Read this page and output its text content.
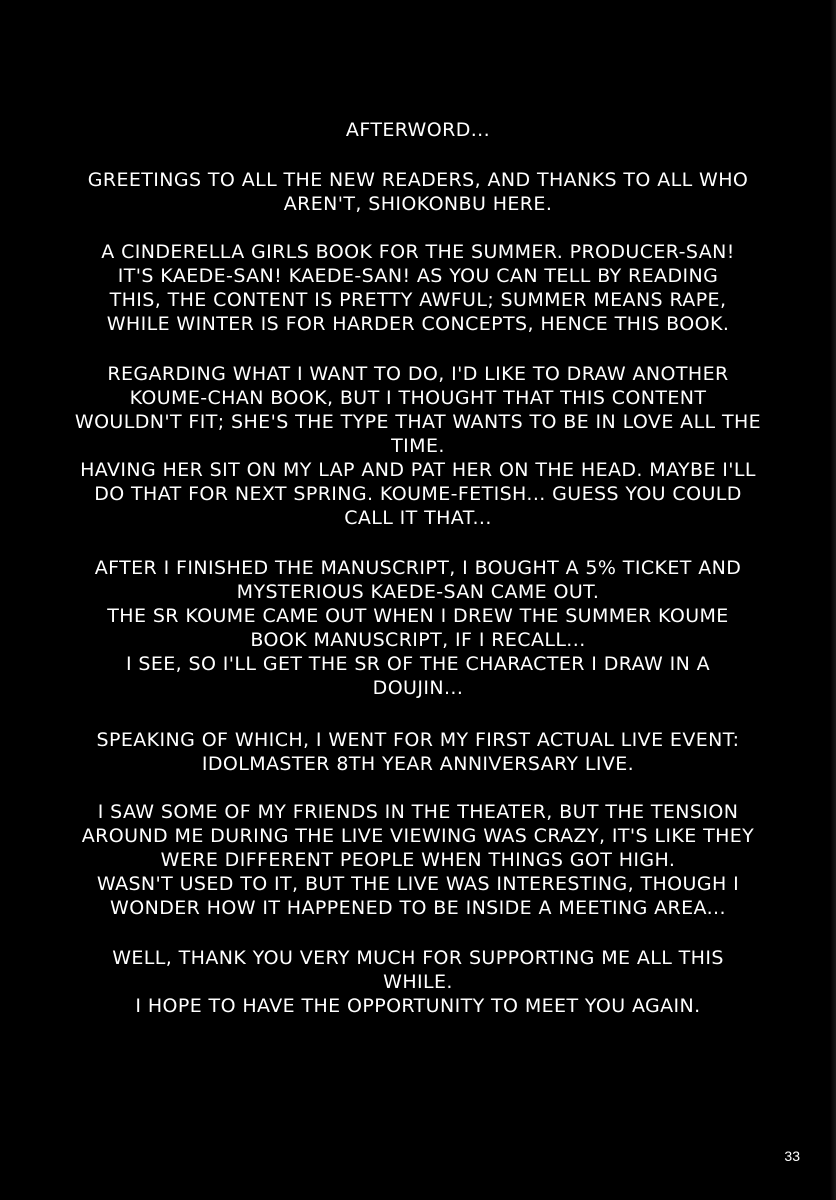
AFTERWORD...
GREETINGS TO ALL THE NEW READERS, AND THANKS TO ALL WHO
AREN'T, SHIOKONBU HERE.
A CINDERELLA GIRLS BOOK FOR THE SUMMER. PRODUCER-SAN!
IT'S KAEDE-SAN! KAEDE-SAN! AS YOU CAN TELL BY READING
THIS, THE CONTENT IS PRETTY AWFUL; SUMMER MEANS RAPE,
WHILE WINTER IS FOR HARDER CONCEPTS, HENCE THIS BOOK.
REGARDING WHAT I WANT TO DO, I'D LIKE TO DRAW ANOTHER
KOUME-CHAN BOOK, BUT I THOUGHT THAT THIS CONTENT
WOULDN'T FIT; SHE'S THE TYPE THAT WANTS TO BE IN LOVE ALL THE
TIME.
HAVING HER SIT ON MY LAP AND PAT HER ON THE HEAD. MAYBE I'LL
DO THAT FOR NEXT SPRING. KOUME-FETISH... GUESS YOU COULD
CALL IT THAT...
AFTER I FINISHED THE MANUSCRIPT, I BOUGHT A 5% TICKET AND
MYSTERIOUS KAEDE-SAN CAME OUT.
THE SR KOUME CAME OUT WHEN I DREW THE SUMMER KOUME
BOOK MANUSCRIPT, IF I RECALL...
I SEE, SO I'LL GET THE SR OF THE CHARACTER I DRAW IN A
DOUJIN...
SPEAKING OF WHICH, I WENT FOR MY FIRST ACTUAL LIVE EVENT:
IDOLMASTER 8TH YEAR ANNIVERSARY LIVE.
I SAW SOME OF MY FRIENDS IN THE THEATER, BUT THE TENSION
AROUND ME DURING THE LIVE VIEWING WAS CRAZY, IT'S LIKE THEY
WERE DIFFERENT PEOPLE WHEN THINGS GOT HIGH.
WASN'T USED TO IT, BUT THE LIVE WAS INTERESTING, THOUGH I
WONDER HOW IT HAPPENED TO BE INSIDE A MEETING AREA...
WELL, THANK YOU VERY MUCH FOR SUPPORTING ME ALL THIS
WHILE.
I HOPE TO HAVE THE OPPORTUNITY TO MEET YOU AGAIN.
33
